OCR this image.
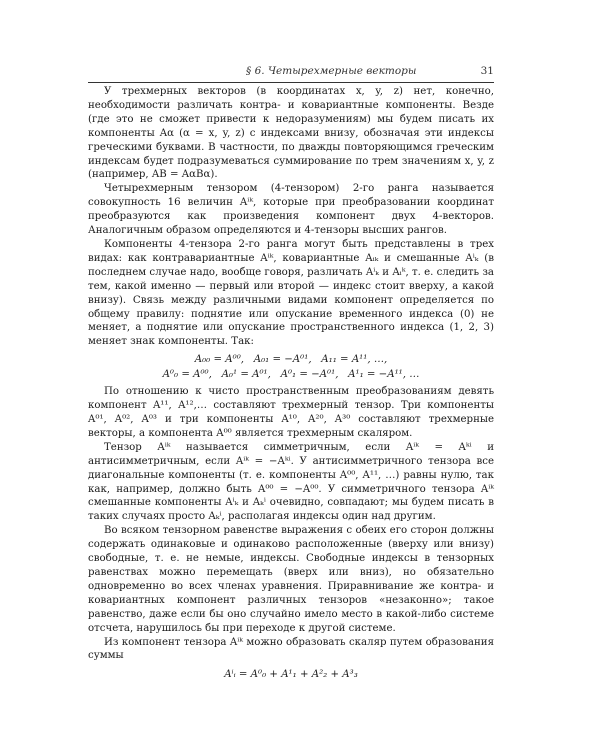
§ 6. Четырехмерные векторы	31

У трехмерных векторов (в координатах x, y, z) нет, конечно, необходимости различать контра- и ковариантные компоненты. Везде (где это не сможет привести к недоразумениям) мы будем писать их компоненты Aα (α = x, y, z) с индексами внизу, обозначая эти индексы греческими буквами. В частности, по дважды повторяющимся греческим индексам будет подразумеваться суммирование по трем значениям x, y, z (например, AB = AαBα).

Четырехмерным тензором (4-тензором) 2-го ранга называется совокупность 16 величин Aⁱᵏ, которые при преобразовании координат преобразуются как произведения компонент двух 4-векторов. Аналогичным образом определяются и 4-тензоры высших рангов.

Компоненты 4-тензора 2-го ранга могут быть представлены в трех видах: как контравариантные Aⁱᵏ, ковариантные Aᵢₖ и смешанные Aⁱₖ (в последнем случае надо, вообще говоря, различать Aⁱₖ и Aᵢᵏ, т. е. следить за тем, какой именно — первый или второй — индекс стоит вверху, а какой внизу). Связь между различными видами компонент определяется по общему правилу: поднятие или опускание временного индекса (0) не меняет, а поднятие или опускание пространственного индекса (1, 2, 3) меняет знак компоненты. Так:

A₀₀ = A⁰⁰,   A₀₁ = −A⁰¹,   A₁₁ = A¹¹, …,
A⁰₀ = A⁰⁰,   A₀¹ = A⁰¹,   A⁰₁ = −A⁰¹,   A¹₁ = −A¹¹, …

По отношению к чисто пространственным преобразованиям девять компонент A¹¹, A¹²,… составляют трехмерный тензор. Три компоненты A⁰¹, A⁰², A⁰³ и три компоненты A¹⁰, A²⁰, A³⁰ составляют трехмерные векторы, а компонента A⁰⁰ является трехмерным скаляром.

Тензор Aⁱᵏ называется симметричным, если Aⁱᵏ = Aᵏⁱ и антисимметричным, если Aⁱᵏ = −Aᵏⁱ. У антисимметричного тензора все диагональные компоненты (т. е. компоненты A⁰⁰, A¹¹, …) равны нулю, так как, например, должно быть A⁰⁰ = −A⁰⁰. У симметричного тензора Aⁱᵏ смешанные компоненты Aⁱₖ и Aₖⁱ очевидно, совпадают; мы будем писать в таких случаях просто Aₖⁱ, располагая индексы один над другим.

Во всяком тензорном равенстве выражения с обеих его сторон должны содержать одинаковые и одинаково расположенные (вверху или внизу) свободные, т. е. не немые, индексы. Свободные индексы в тензорных равенствах можно перемещать (вверх или вниз), но обязательно одновременно во всех членах уравнения. Приравнивание же контра- и ковариантных компонент различных тензоров «незаконно»; такое равенство, даже если бы оно случайно имело место в какой-либо системе отсчета, нарушилось бы при переходе к другой системе.

Из компонент тензора Aⁱᵏ можно образовать скаляр путем образования суммы

Aⁱᵢ = A⁰₀ + A¹₁ + A²₂ + A³₃
